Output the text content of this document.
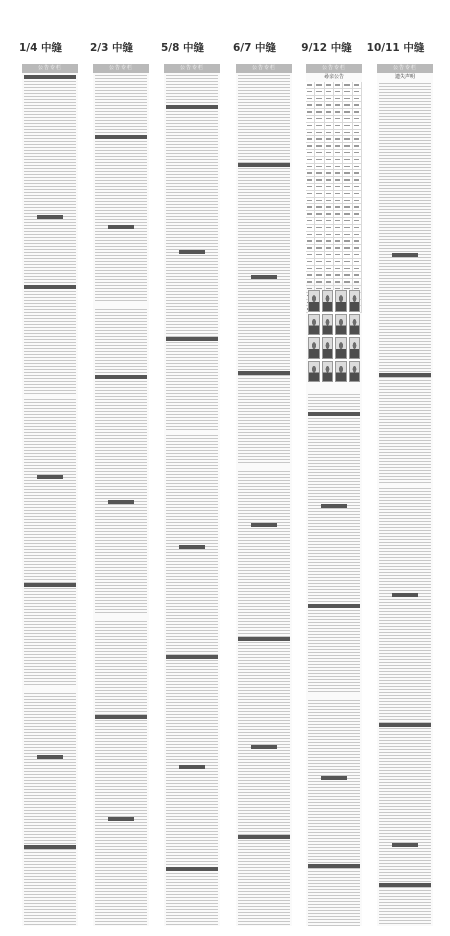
1/4 中缝	2/3 中缝	5/8 中缝	6/7 中缝	9/12 中缝	10/11 中缝
公告专栏	公告专栏	公告专栏	公告专栏	公告专栏
尋亲公告
公告专栏
遗失声明
